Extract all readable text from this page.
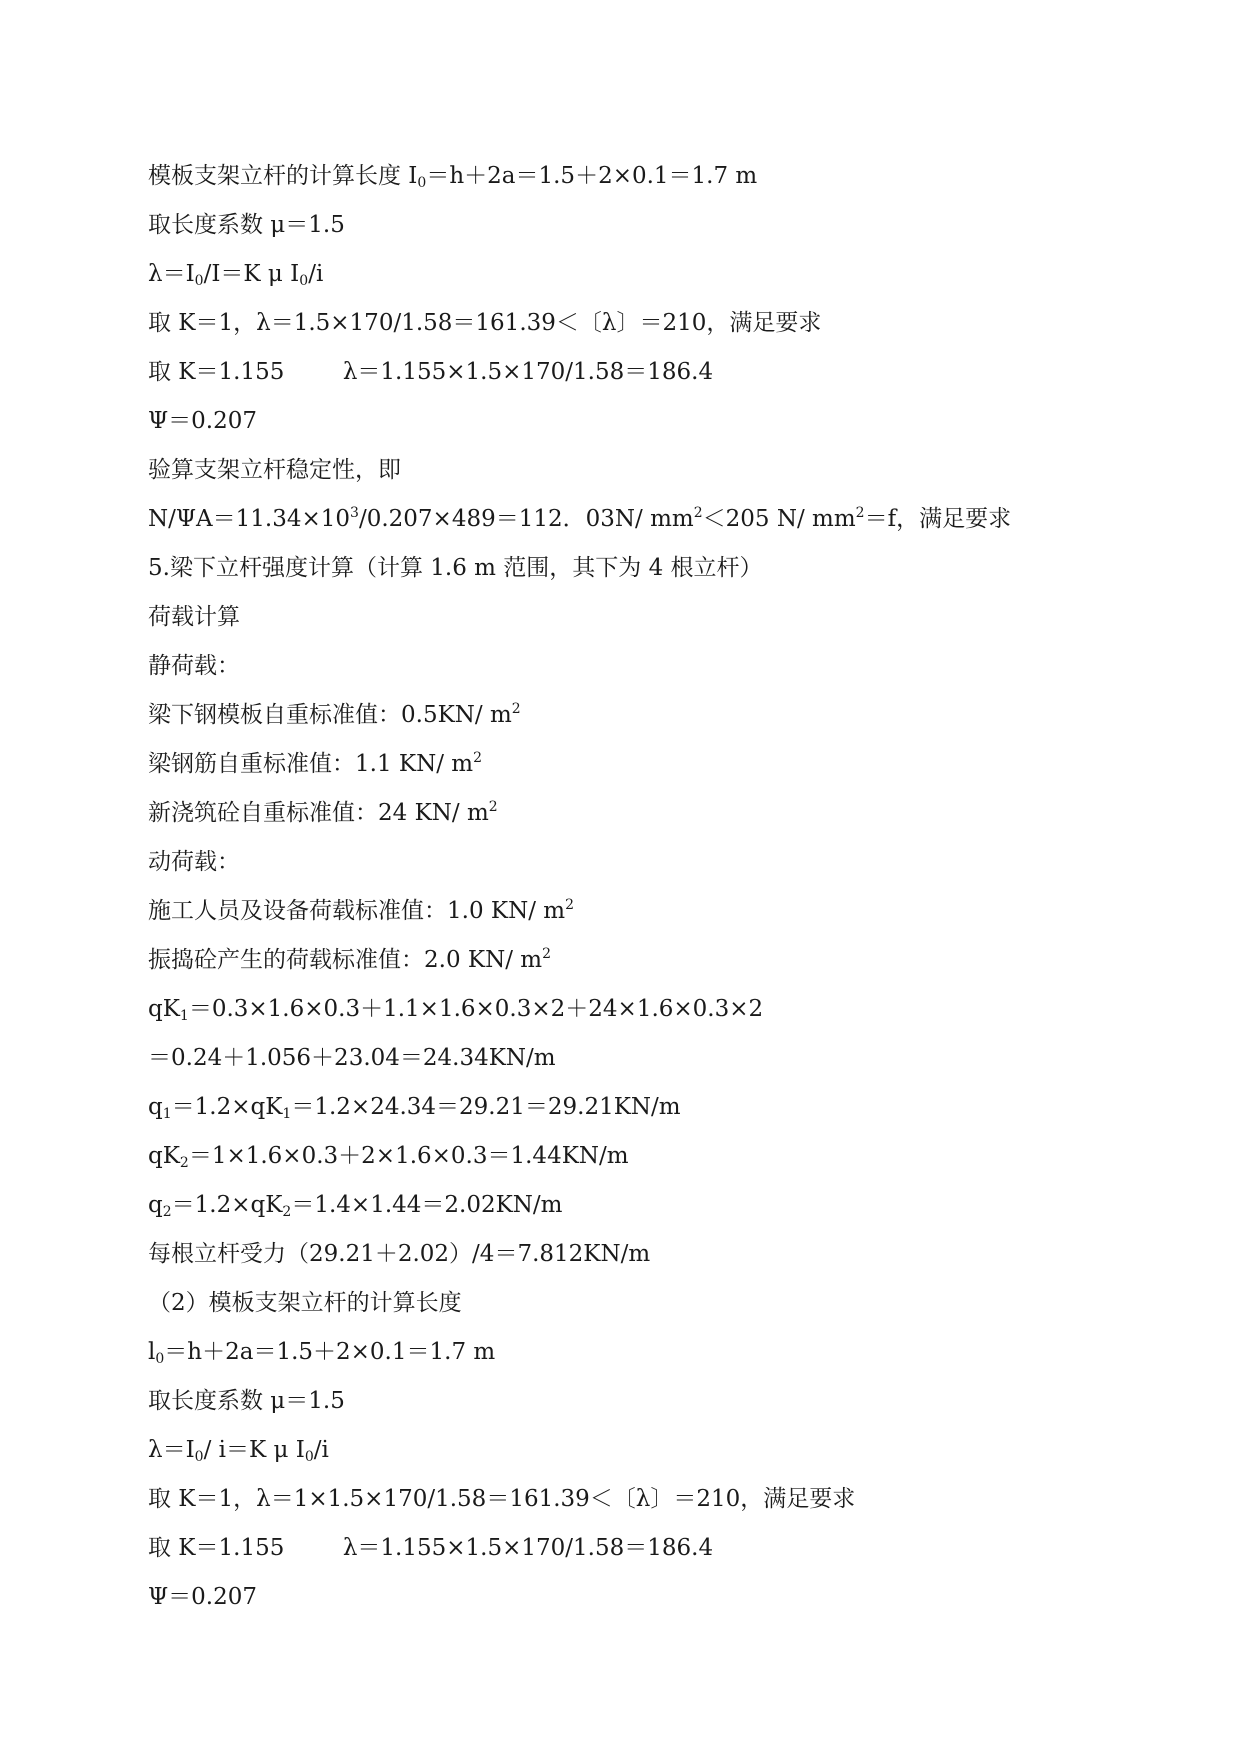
模板支架立杆的计算长度 $I_0=h+2a=1.5+2\times 0.1=1.7$ m

取长度系数 μ＝1.5

$\lambda=I_0/I=K$ μ $I_0/i$

取 K＝1，λ＝1.5×170/1.58＝161.39＜〔λ〕＝210，满足要求

取 K＝1.155        λ＝1.155×1.5×170/1.58＝186.4

Ψ＝0.207

验算支架立杆稳定性，即

$N/\Psi A=11.34\times 10^3/0.207\times 489=112$．03N/ $mm^2<205$ N/ $mm^2=f$，满足要求

5.梁下立杆强度计算（计算 1.6 m 范围，其下为 4 根立杆）

荷载计算

静荷载：

梁下钢模板自重标准值：0.5KN/ $m^2$

梁钢筋自重标准值：1.1 KN/ $m^2$

新浇筑砼自重标准值：24 KN/ $m^2$

动荷载：

施工人员及设备荷载标准值：1.0 KN/ $m^2$

振捣砼产生的荷载标准值：2.0 KN/ $m^2$

$qK_1=0.3\times 1.6\times 0.3+1.1\times 1.6\times 0.3\times 2+24\times 1.6\times 0.3\times 2$

＝0.24＋1.056＋23.04＝24.34KN/m

$q_1=1.2\times qK_1=1.2\times 24.34=29.21=29.21KN/m$

$qK_2=1\times 1.6\times 0.3+2\times 1.6\times 0.3=1.44KN/m$

$q_2=1.2\times qK_2=1.4\times 1.44=2.02KN/m$

每根立杆受力（29.21＋2.02）/4＝7.812KN/m

（2）模板支架立杆的计算长度

$l_0=h+2a=1.5+2\times 0.1=1.7$ m

取长度系数 μ＝1.5

$\lambda=I_0/$ i＝K μ $I_0/i$

取 K＝1，λ＝1×1.5×170/1.58＝161.39＜〔λ〕＝210，满足要求

取 K＝1.155        λ＝1.155×1.5×170/1.58＝186.4

Ψ＝0.207
